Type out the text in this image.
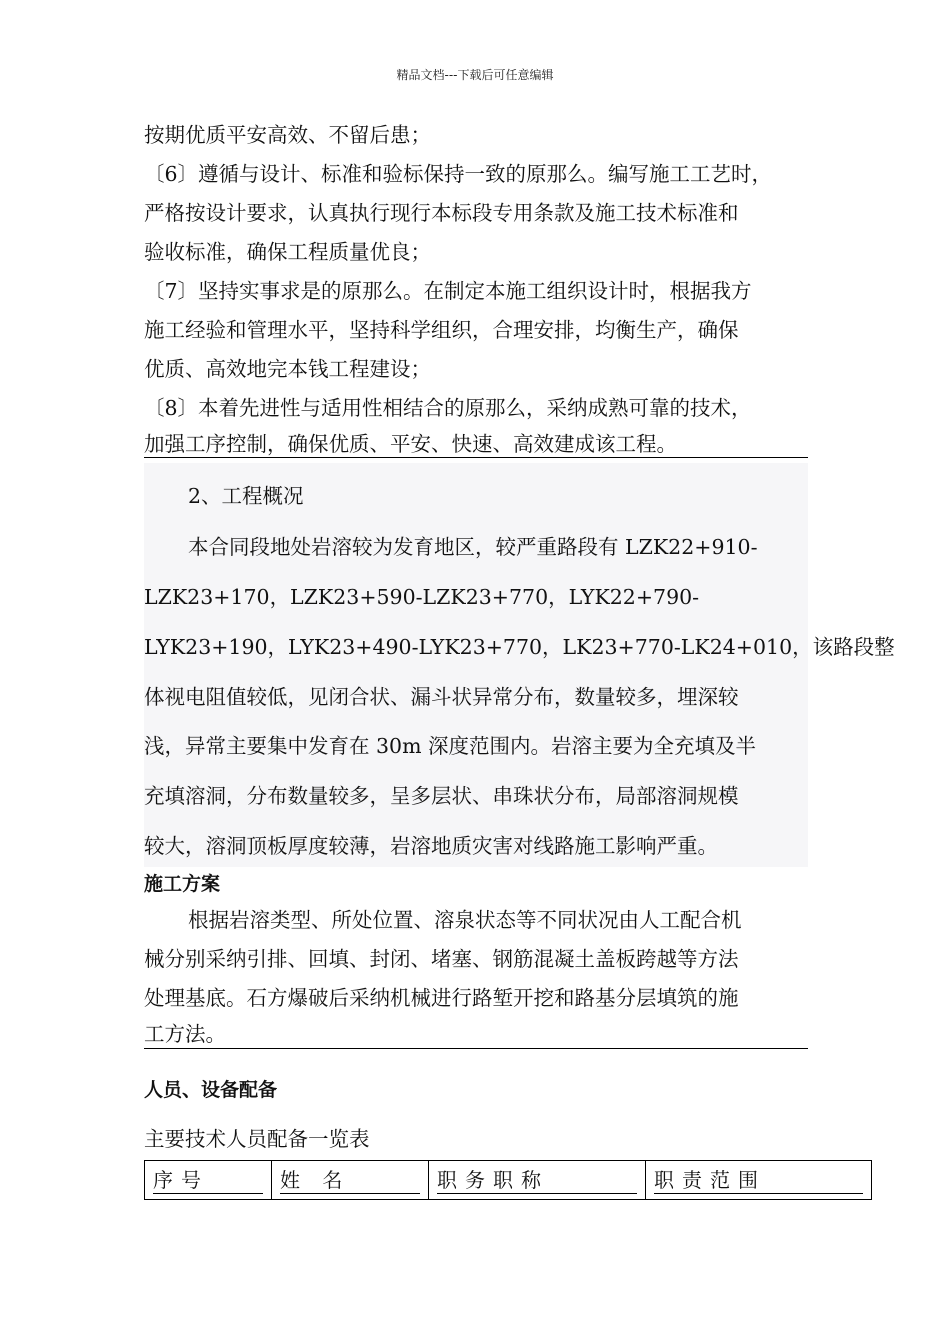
精品文档---下载后可任意编辑
按期优质平安高效、不留后患；
〔6〕遵循与设计、标准和验标保持一致的原那么。编写施工工艺时，
严格按设计要求，认真执行现行本标段专用条款及施工技术标准和
验收标准，确保工程质量优良；
〔7〕坚持实事求是的原那么。在制定本施工组织设计时，根据我方
施工经验和管理水平，坚持科学组织，合理安排，均衡生产，确保
优质、高效地完本钱工程建设；
〔8〕本着先进性与适用性相结合的原那么，采纳成熟可靠的技术，
加强工序控制，确保优质、平安、快速、高效建成该工程。
2、工程概况
本合同段地处岩溶较为发育地区，较严重路段有 LZK22+910-
LZK23+170，LZK23+590-LZK23+770，LYK22+790-
LYK23+190，LYK23+490-LYK23+770，LK23+770-LK24+010，该路段整
体视电阻值较低，见闭合状、漏斗状异常分布，数量较多，埋深较
浅，异常主要集中发育在 30m 深度范围内。岩溶主要为全充填及半
充填溶洞，分布数量较多，呈多层状、串珠状分布，局部溶洞规模
较大，溶洞顶板厚度较薄，岩溶地质灾害对线路施工影响严重。
施工方案
根据岩溶类型、所处位置、溶泉状态等不同状况由人工配合机
械分别采纳引排、回填、封闭、堵塞、钢筋混凝土盖板跨越等方法
处理基底。石方爆破后采纳机械进行路堑开挖和路基分层填筑的施
工方法。
人员、设备配备
主要技术人员配备一览表
序号	姓 名	职务职称	职责范围
